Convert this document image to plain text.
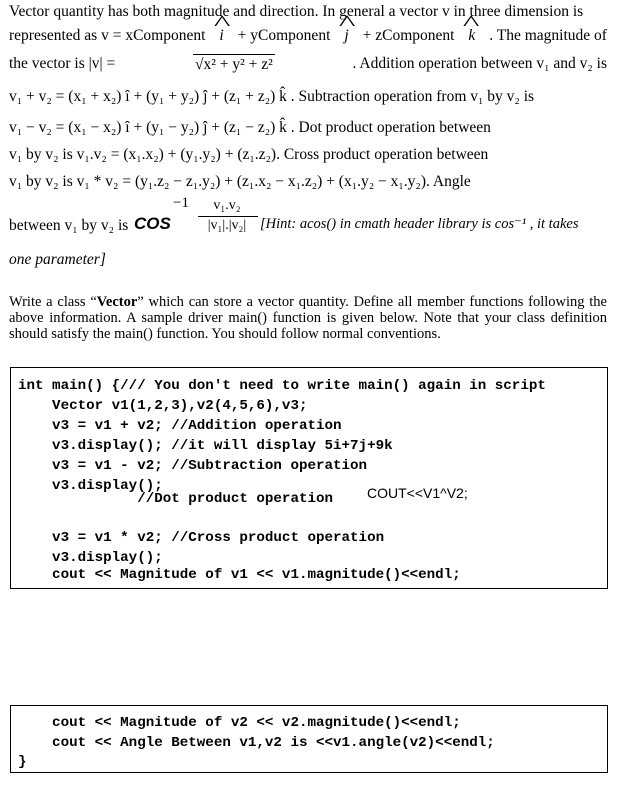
Vector quantity has both magnitude and direction. In general a vector v in three dimension is
represented as v = xComponent ^ i + yComponent ^ j + zComponent ^ k . The magnitude of
the vector is |v| =	√x² + y² + z²	. Addition operation between v₁ and v₂ is
v₁ + v₂ = (x₁ + x₂) î + (y₁ + y₂) ĵ + (z₁ + z₂) k̂ . Subtraction operation from v₁ by v₂ is
v₁ − v₂ = (x₁ − x₂) î + (y₁ − y₂) ĵ + (z₁ − z₂) k̂ . Dot product operation between
v₁ by v₂ is v₁.v₂ = (x₁.x₂) + (y₁.y₂) + (z₁.z₂). Cross product operation between
v₁ by v₂ is v₁ * v₂ = (y₁.z₂ − z₁.y₂) + (z₁.x₂ − x₁.z₂) + (x₁.y₂ − x₁.y₂). Angle
between v₁ by v₂ is COS
−1	v₁.v₂
|v₁|.|v₂| [Hint: acos() in cmath header library is cos⁻¹ , it takes
one parameter]
Write a class “Vector” which can store a vector quantity. Define all member functions following the above information. A sample driver main() function is given below. Note that your class definition should satisfy the main() function. You should follow normal conventions.
int main() {/// You don't need to write main() again in script
Vector v1(1,2,3),v2(4,5,6),v3;
v3 = v1 + v2; //Addition operation
v3.display(); //it will display 5i+7j+9k
v3 = v1 - v2; //Subtraction operation
v3.display();
//Dot product operation COUT<<V1^V2;
v3 = v1 * v2; //Cross product operation
v3.display();
cout << Magnitude of v1 << v1.magnitude()<<endl;
cout << Magnitude of v2 << v2.magnitude()<<endl;
cout << Angle Between v1,v2 is <<v1.angle(v2)<<endl;
}
